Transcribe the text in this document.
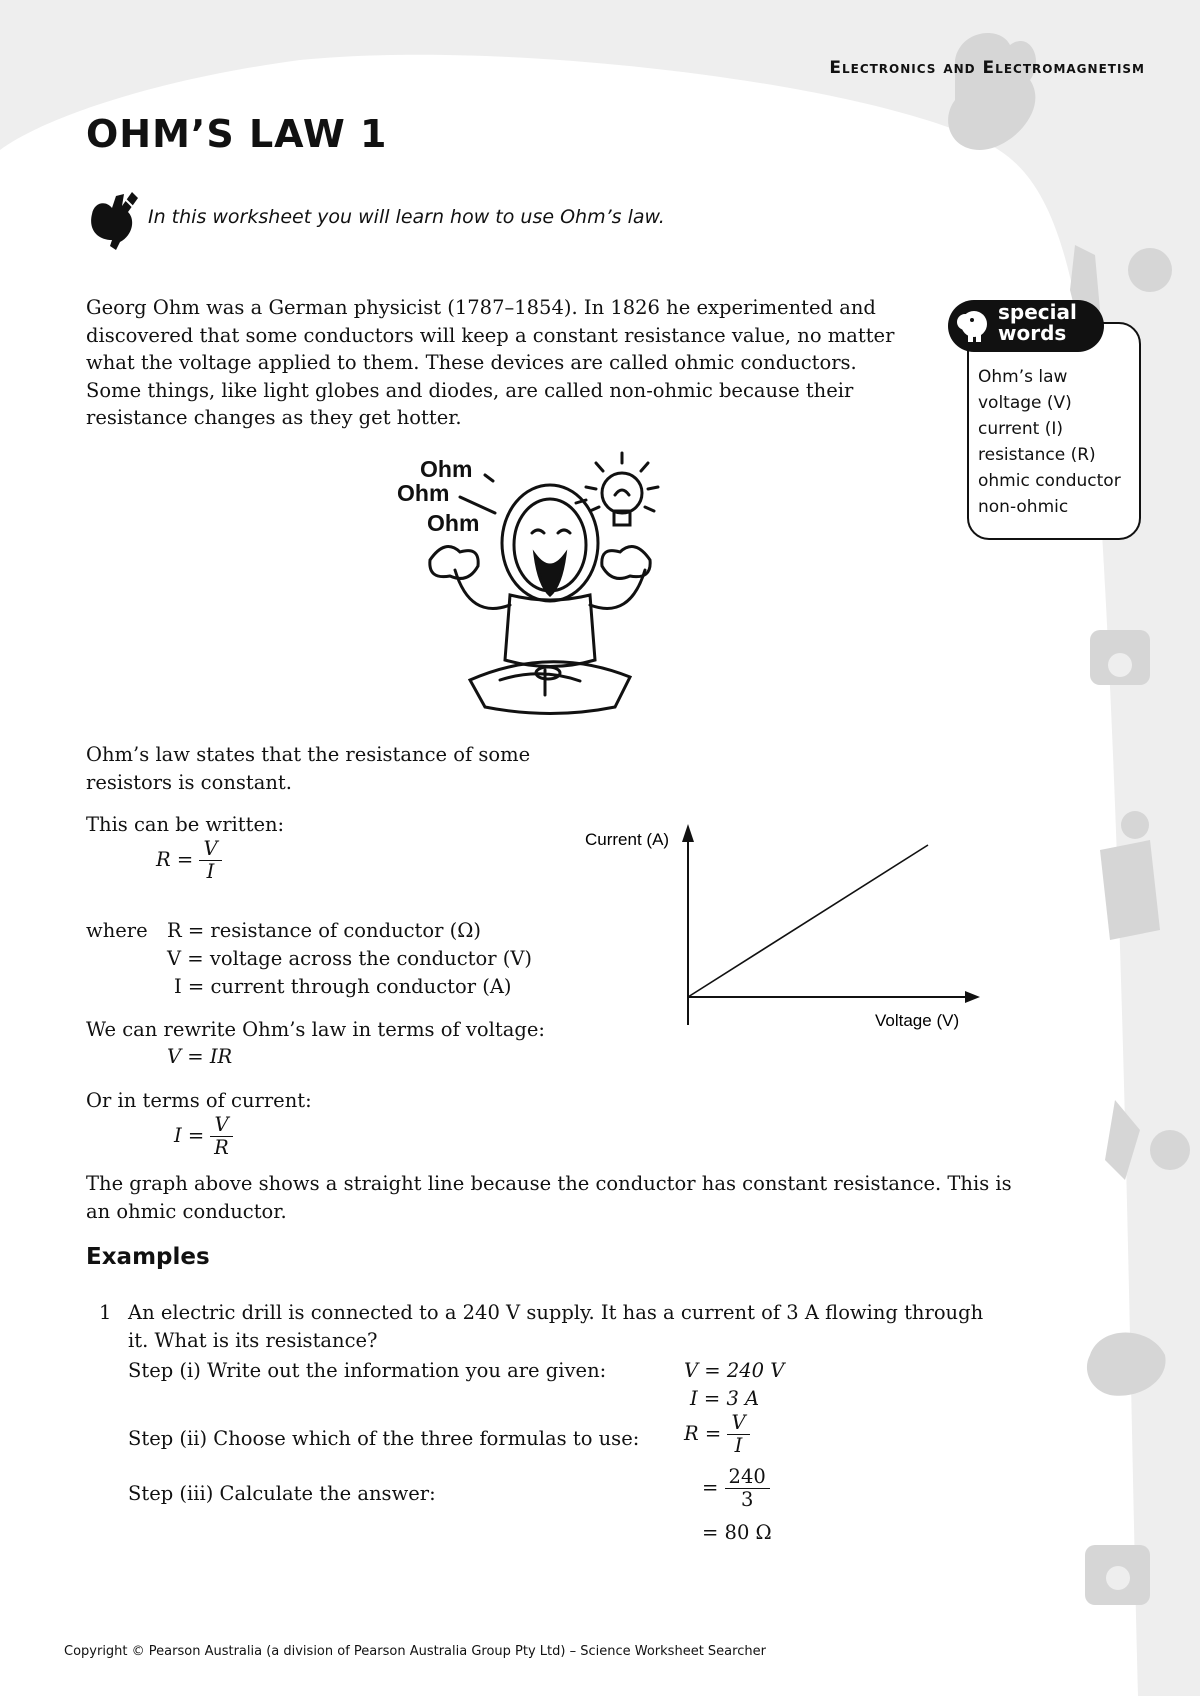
Electronics and Electromagnetism
OHM’S LAW 1
In this worksheet you will learn how to use Ohm’s law.
Georg Ohm was a German physicist (1787–1854). In 1826 he experimented and
discovered that some conductors will keep a constant resistance value, no matter
what the voltage applied to them. These devices are called ohmic conductors.
Some things, like light globes and diodes, are called non-ohmic because their
resistance changes as they get hotter.
special
words
Ohm’s law
voltage (V)
current (I)
resistance (R)
ohmic conductor
non-ohmic
Ohm
Ohm
Ohm
Ohm’s law states that the resistance of some
resistors is constant.
This can be written:
$R = \frac{V}{I}$
where R = resistance of conductor (Ω)
V = voltage across the conductor (V)
I = current through conductor (A)
We can rewrite Ohm’s law in terms of voltage:
V = IR
Or in terms of current:
$I = \frac{V}{R}$
The graph above shows a straight line because the conductor has constant resistance. This is
an ohmic conductor.
Current (A)
Voltage (V)
Examples
1 An electric drill is connected to a 240 V supply. It has a current of 3 A flowing through
it. What is its resistance?
Step (i) Write out the information you are given:	V = 240 V
I = 3 A
Step (ii) Choose which of the three formulas to use: $R = \frac{V}{I}$
Step (iii) Calculate the answer:	= $\frac{240}{3}$
= 80 Ω
Copyright © Pearson Australia (a division of Pearson Australia Group Pty Ltd) – Science Worksheet Searcher
